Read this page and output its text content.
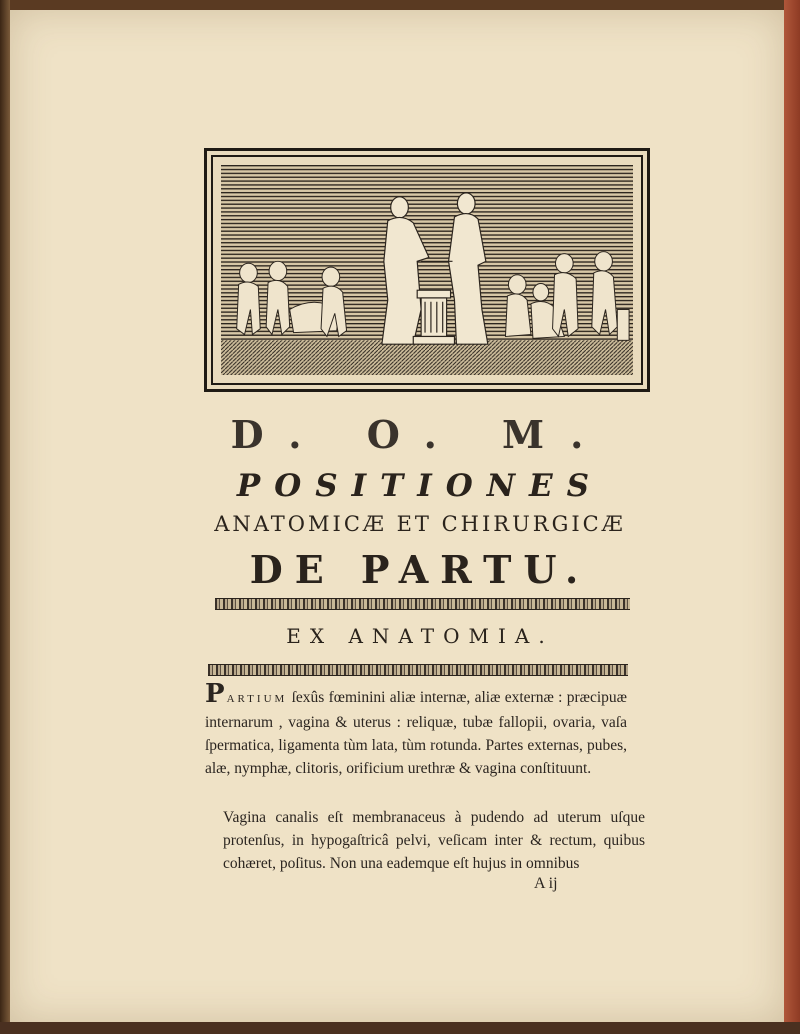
D. O. M.
POSITIONES
ANATOMICÆ ET CHIRURGICÆ
DE PARTU.
EX ANATOMIA.
PARTIUM ſexûs fœminini aliæ internæ, aliæ externæ : præcipuæ internarum , vagina & uterus : reliquæ, tubæ fallopii, ovaria, vaſa ſpermatica, ligamenta tùm lata, tùm rotunda. Partes externas, pubes, alæ, nymphæ, clitoris, orificium urethræ & vagina conſtituunt.
Vagina canalis eſt membranaceus à pudendo ad uterum uſque protenſus, in hypogaſtricâ pelvi, veſicam inter & rectum, quibus cohæret, poſitus. Non una eademque eſt hujus in omnibus
A ij
